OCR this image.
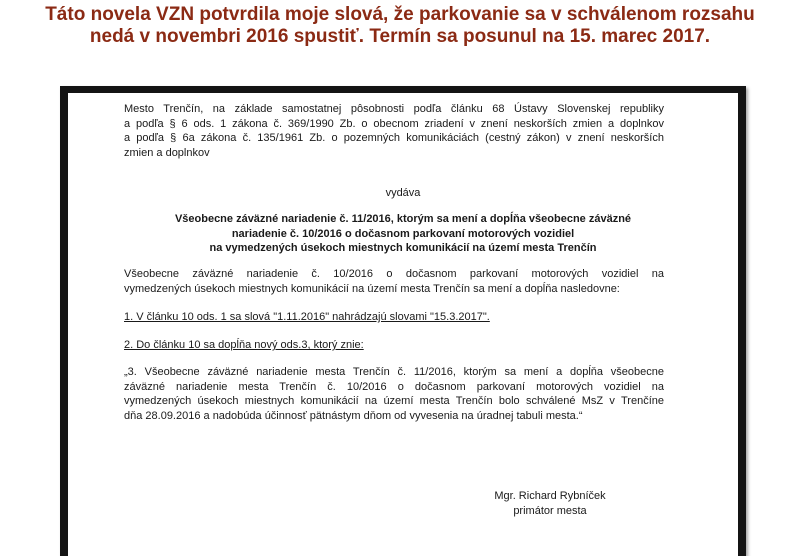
Táto novela VZN potvrdila moje slová, že parkovanie sa v schválenom rozsahu
nedá v novembri 2016 spustiť. Termín sa posunul na 15. marec 2017.
Mesto Trenčín, na základe samostatnej pôsobnosti podľa článku 68 Ústavy Slovenskej republiky
a podľa § 6 ods. 1 zákona č. 369/1990 Zb. o obecnom zriadení v znení neskorších zmien a doplnkov
a podľa § 6a zákona č. 135/1961 Zb. o pozemných komunikáciách (cestný zákon) v znení neskorších
zmien a doplnkov
vydáva
Všeobecne záväzné nariadenie č. 11/2016, ktorým sa mení a dopĺňa všeobecne záväzné
nariadenie č. 10/2016 o dočasnom parkovaní motorových vozidiel
na vymedzených úsekoch miestnych komunikácií na území mesta Trenčín
Všeobecne záväzné nariadenie č. 10/2016 o dočasnom parkovaní motorových vozidiel na
vymedzených úsekoch miestnych komunikácií na území mesta Trenčín sa mení a dopĺňa nasledovne:
1. V článku 10 ods. 1 sa slová "1.11.2016" nahrádzajú slovami "15.3.2017".
2. Do článku 10 sa dopĺňa nový ods.3, ktorý znie:
„3. Všeobecne záväzné nariadenie mesta Trenčín č. 11/2016, ktorým sa mení a dopĺňa všeobecne
záväzné nariadenie mesta Trenčín č. 10/2016 o dočasnom parkovaní motorových vozidiel na
vymedzených úsekoch miestnych komunikácií na území mesta Trenčín bolo schválené MsZ v Trenčíne
dňa 28.09.2016 a nadobúda účinnosť pätnástym dňom od vyvesenia na úradnej tabuli mesta.“
Mgr. Richard Rybníček
primátor mesta
